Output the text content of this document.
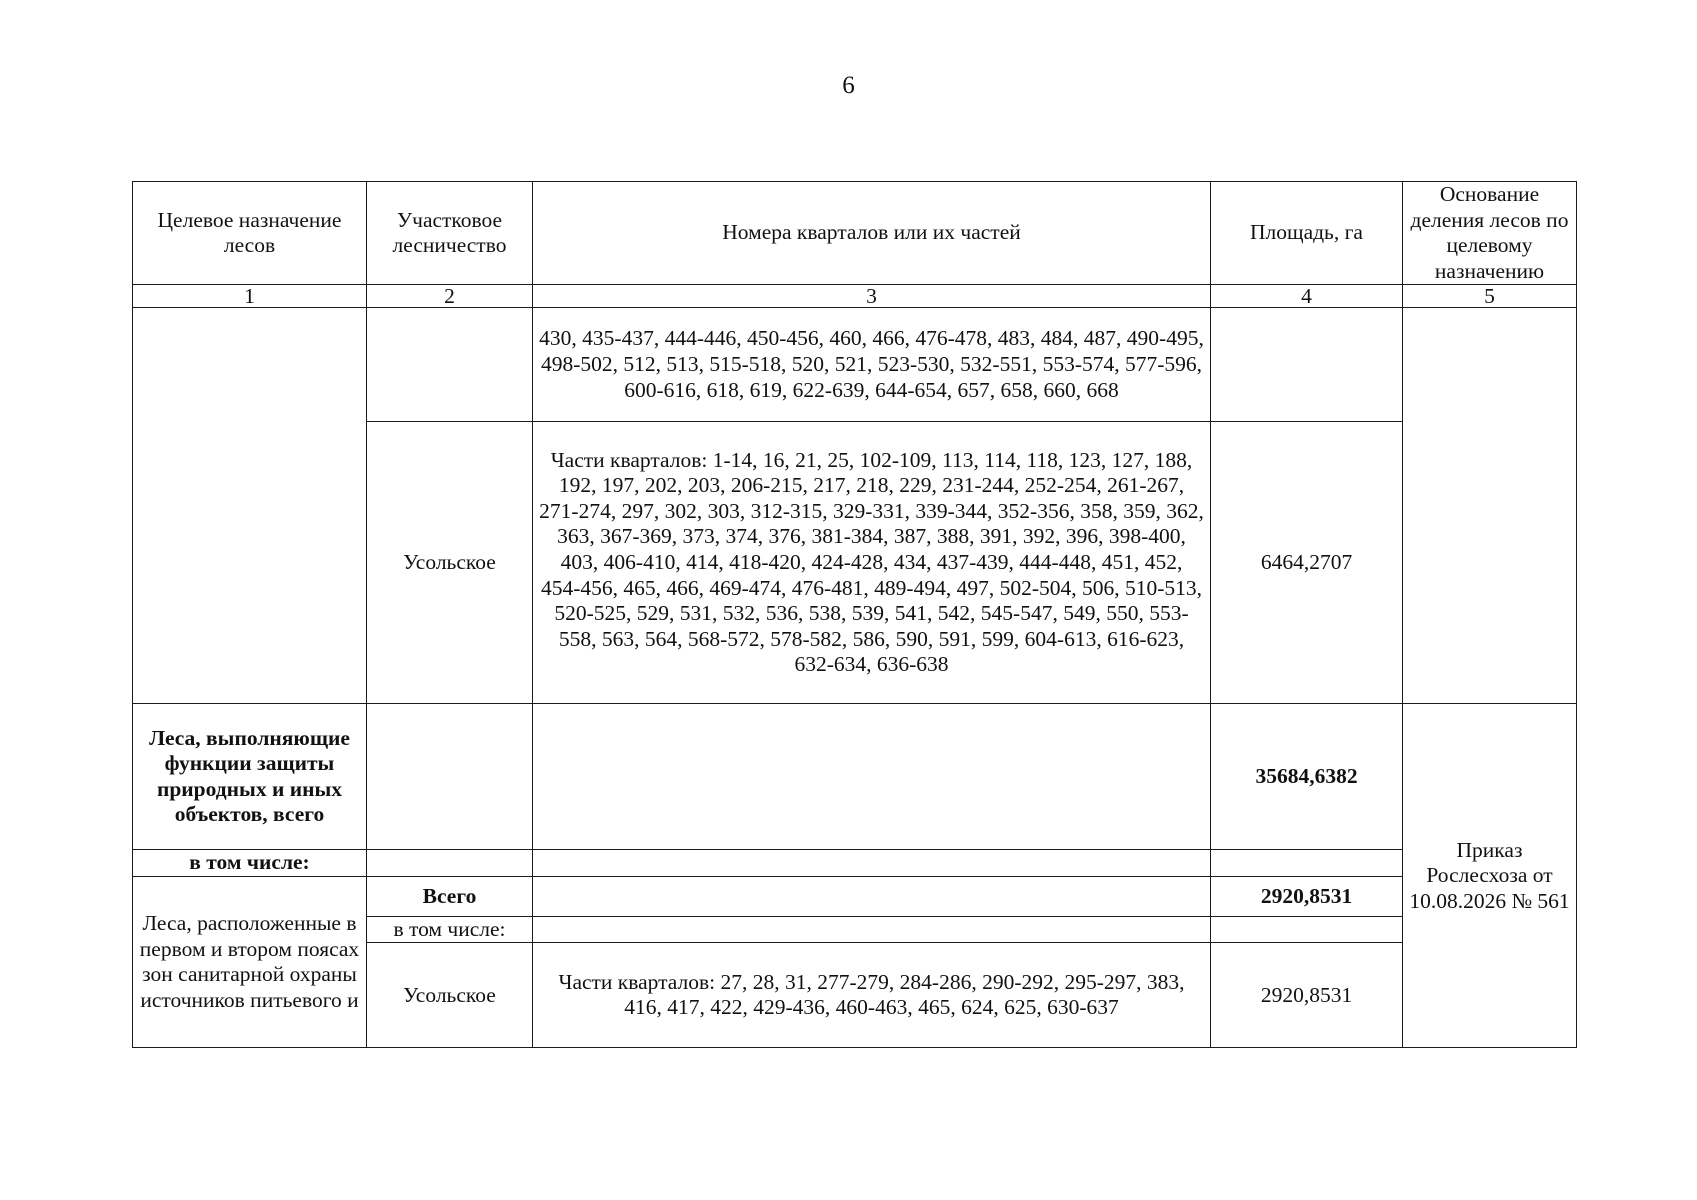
6
Целевое назначение лесов	Участковое лесничество	Номера кварталов или их частей	Площадь, га	Основание деления лесов по целевому назначению
1	2	3	4	5
		430, 435-437, 444-446, 450-456, 460, 466, 476-478, 483, 484, 487, 490-495, 498-502, 512, 513, 515-518, 520, 521, 523-530, 532-551, 553-574, 577-596, 600-616, 618, 619, 622-639, 644-654, 657, 658, 660, 668		
	Усольское	Части кварталов: 1-14, 16, 21, 25, 102-109, 113, 114, 118, 123, 127, 188, 192, 197, 202, 203, 206-215, 217, 218, 229, 231-244, 252-254, 261-267, 271-274, 297, 302, 303, 312-315, 329-331, 339-344, 352-356, 358, 359, 362, 363, 367-369, 373, 374, 376, 381-384, 387, 388, 391, 392, 396, 398-400, 403, 406-410, 414, 418-420, 424-428, 434, 437-439, 444-448, 451, 452, 454-456, 465, 466, 469-474, 476-481, 489-494, 497, 502-504, 506, 510-513, 520-525, 529, 531, 532, 536, 538, 539, 541, 542, 545-547, 549, 550, 553-558, 563, 564, 568-572, 578-582, 586, 590, 591, 599, 604-613, 616-623, 632-634, 636-638	6464,2707	
Леса, выполняющие функции защиты природных и иных объектов, всего			35684,6382	Приказ Рослесхоза от 10.08.2026 № 561
в том числе:				
Леса, расположенные в первом и втором поясах зон санитарной охраны источников питьевого и	Всего		2920,8531	
	в том числе:			
	Усольское	Части кварталов: 27, 28, 31, 277-279, 284-286, 290-292, 295-297, 383, 416, 417, 422, 429-436, 460-463, 465, 624, 625, 630-637	2920,8531	
